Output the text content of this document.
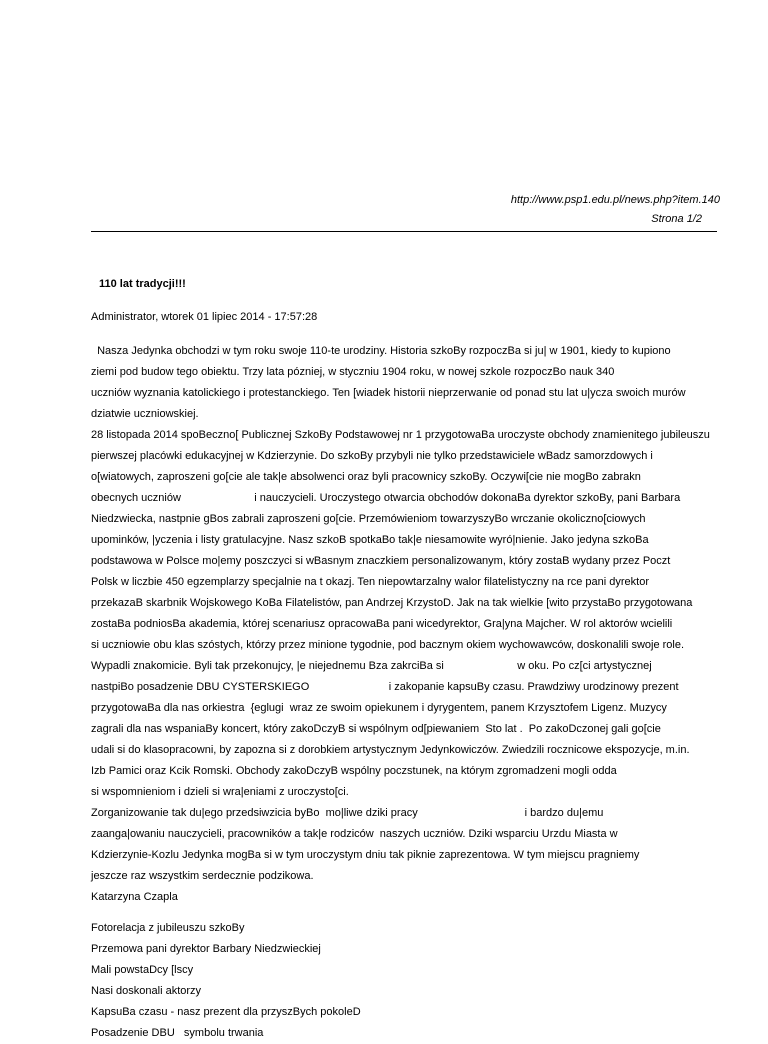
http://www.psp1.edu.pl/news.php?item.140
Strona 1/2
110 lat tradycji!!!
Administrator, wtorek 01 lipiec 2014 - 17:57:28
Nasza Jedynka obchodzi w tym roku swoje 110-te urodziny. Historia szkoBy rozpoczBa si ju| w 1901, kiedy to kupiono
ziemi pod budow tego obiektu. Trzy lata pózniej, w styczniu 1904 roku, w nowej szkole rozpoczBo nauk 340
uczniów wyznania katolickiego i protestanckiego. Ten [wiadek historii nieprzerwanie od ponad stu lat u|ycza swoich murów
dziatwie uczniowskiej.
28 listopada 2014 spoBeczno[ Publicznej SzkoBy Podstawowej nr 1 przygotowaBa uroczyste obchody znamienitego jubileuszu
pierwszej placówki edukacyjnej w Kdzierzynie. Do szkoBy przybyli nie tylko przedstawiciele wBadz samorzdowych i
o[wiatowych, zaproszeni go[cie ale tak|e absolwenci oraz byli pracownicy szkoBy. Oczywi[cie nie mogBo zabrakn
obecnych uczniów                        i nauczycieli. Uroczystego otwarcia obchodów dokonaBa dyrektor szkoBy, pani Barbara
Niedzwiecka, nastpnie gBos zabrali zaproszeni go[cie. Przemówieniom towarzyszyBo wrczanie okoliczno[ciowych
upominków, |yczenia i listy gratulacyjne. Nasz szkoB spotkaBo tak|e niesamowite wyró|nienie. Jako jedyna szkoBa
podstawowa w Polsce mo|emy poszczyci si wBasnym znaczkiem personalizowanym, który zostaB wydany przez Poczt
Polsk w liczbie 450 egzemplarzy specjalnie na t okazj. Ten niepowtarzalny walor filatelistyczny na rce pani dyrektor
przekazaB skarbnik Wojskowego KoBa Filatelistów, pan Andrzej KrzystoD. Jak na tak wielkie [wito przystaBo przygotowana
zostaBa podniosBa akademia, której scenariusz opracowaBa pani wicedyrektor, Gra|yna Majcher. W rol aktorów wcielili
si uczniowie obu klas szóstych, którzy przez minione tygodnie, pod bacznym okiem wychowawców, doskonalili swoje role.
Wypadli znakomicie. Byli tak przekonujcy, |e niejednemu Bza zakrciBa si                        w oku. Po cz[ci artystycznej
nastpiBo posadzenie DBU CYSTERSKIEGO                          i zakopanie kapsuBy czasu. Prawdziwy urodzinowy prezent
przygotowaBa dla nas orkiestra  {eglugi  wraz ze swoim opiekunem i dyrygentem, panem Krzysztofem Ligenz. Muzycy
zagrali dla nas wspaniaBy koncert, który zakoDczyB si wspólnym od[piewaniem  Sto lat .  Po zakoDczonej gali go[cie
udali si do klasopracowni, by zapozna si z dorobkiem artystycznym Jedynkowiczów. Zwiedzili rocznicowe ekspozycje, m.in.
Izb Pamici oraz Kcik Romski. Obchody zakoDczyB wspólny poczstunek, na którym zgromadzeni mogli odda
si wspomnieniom i dzieli si wra|eniami z uroczysto[ci.
Zorganizowanie tak du|ego przedsiwzicia byBo  mo|liwe dziki pracy                                   i bardzo du|emu
zaanga|owaniu nauczycieli, pracowników a tak|e rodziców  naszych uczniów. Dziki wsparciu Urzdu Miasta w
Kdzierzynie-Kozlu Jedynka mogBa si w tym uroczystym dniu tak piknie zaprezentowa. W tym miejscu pragniemy
jeszcze raz wszystkim serdecznie podzikowa.
Katarzyna Czapla
Fotorelacja z jubileuszu szkoBy
Przemowa pani dyrektor Barbary Niedzwieckiej
Mali powstaDcy [lscy
Nasi doskonali aktorzy
KapsuBa czasu - nasz prezent dla przyszBych pokoleD
Posadzenie DBU   symbolu trwania
